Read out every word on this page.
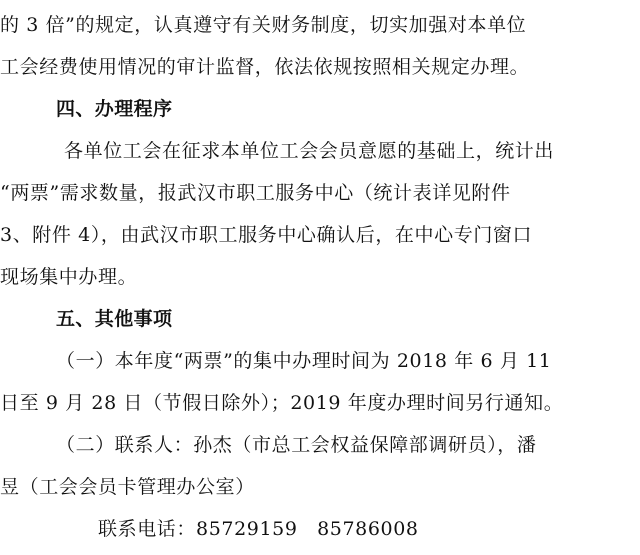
的 3 倍”的规定，认真遵守有关财务制度，切实加强对本单位
工会经费使用情况的审计监督，依法依规按照相关规定办理。
四、办理程序
各单位工会在征求本单位工会会员意愿的基础上，统计出
“两票”需求数量，报武汉市职工服务中心（统计表详见附件
3、附件 4），由武汉市职工服务中心确认后，在中心专门窗口
现场集中办理。
五、其他事项
（一）本年度“两票”的集中办理时间为 2018 年 6 月 11
日至 9 月 28 日（节假日除外）；2019 年度办理时间另行通知。
（二）联系人：孙杰（市总工会权益保障部调研员），潘
昱（工会会员卡管理办公室）
联系电话：85729159　85786008
